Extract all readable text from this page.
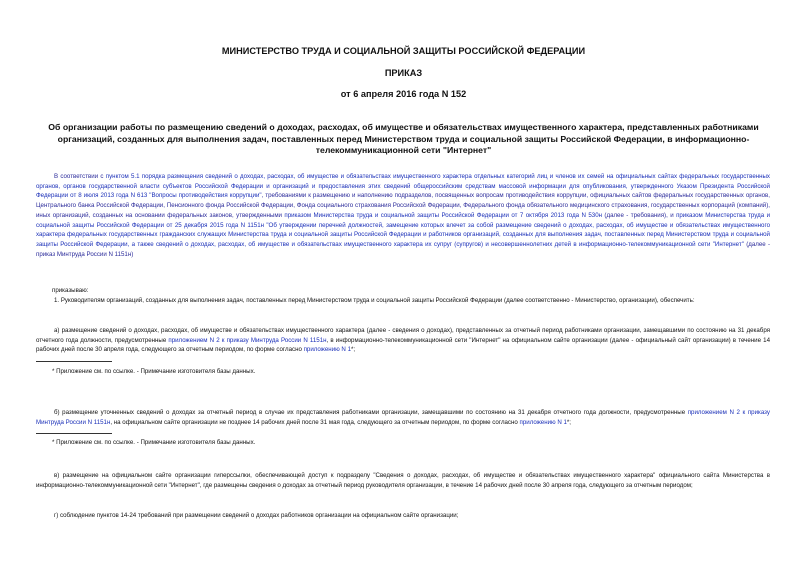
МИНИСТЕРСТВО ТРУДА И СОЦИАЛЬНОЙ ЗАЩИТЫ РОССИЙСКОЙ ФЕДЕРАЦИИ
ПРИКАЗ
от 6 апреля 2016 года N 152
Об организации работы по размещению сведений о доходах, расходах, об имуществе и обязательствах имущественного характера, представленных работниками организаций, созданных для выполнения задач, поставленных перед Министерством труда и социальной защиты Российской Федерации, в информационно-телекоммуникационной сети "Интернет"
В соответствии с пунктом 5.1 порядка размещения сведений о доходах, расходах, об имуществе и обязательствах имущественного характера отдельных категорий лиц и членов их семей на официальных сайтах федеральных государственных органов, органов государственной власти субъектов Российской Федерации и организаций и предоставления этих сведений общероссийским средствам массовой информации для опубликования, утвержденного Указом Президента Российской Федерации от 8 июля 2013 года N 613 "Вопросы противодействия коррупции", требованиями к размещению и наполнению подразделов, посвященных вопросам противодействия коррупции, официальных сайтов федеральных государственных органов, Центрального банка Российской Федерации, Пенсионного фонда Российской Федерации, Фонда социального страхования Российской Федерации, Федерального фонда обязательного медицинского страхования, государственных корпораций (компаний), иных организаций, созданных на основании федеральных законов, утвержденными приказом Министерства труда и социальной защиты Российской Федерации от 7 октября 2013 года N 530н (далее - требования), и приказом Министерства труда и социальной защиты Российской Федерации от 25 декабря 2015 года N 1151н "Об утверждении перечней должностей, замещение которых влечет за собой размещение сведений о доходах, расходах, об имуществе и обязательствах имущественного характера федеральных государственных гражданских служащих Министерства труда и социальной защиты Российской Федерации и работников организаций, созданных для выполнения задач, поставленных перед Министерством труда и социальной защиты Российской Федерации, а также сведений о доходах, расходах, об имуществе и обязательствах имущественного характера их супруг (супругов) и несовершеннолетних детей в информационно-телекоммуникационной сети "Интернет" (далее - приказ Минтруда России N 1151н)
приказываю:
1. Руководителям организаций, созданных для выполнения задач, поставленных перед Министерством труда и социальной защиты Российской Федерации (далее соответственно - Министерство, организации), обеспечить:
а) размещение сведений о доходах, расходах, об имуществе и обязательствах имущественного характера (далее - сведения о доходах), представленных за отчетный период работниками организации, замещавшими по состоянию на 31 декабря отчетного года должности, предусмотренные приложением N 2 к приказу Минтруда России N 1151н, в информационно-телекоммуникационной сети "Интернет" на официальном сайте организации (далее - официальный сайт организации) в течение 14 рабочих дней после 30 апреля года, следующего за отчетным периодом, по форме согласно приложению N 1*;
* Приложение см. по ссылке. - Примечание изготовителя базы данных.
б) размещение уточненных сведений о доходах за отчетный период в случае их представления работниками организации, замещавшими по состоянию на 31 декабря отчетного года должности, предусмотренные приложением N 2 к приказу Минтруда России N 1151н, на официальном сайте организации не позднее 14 рабочих дней после 31 мая года, следующего за отчетным периодом, по форме согласно приложению N 1*;
* Приложение см. по ссылке. - Примечание изготовителя базы данных.
в) размещение на официальном сайте организации гиперссылки, обеспечивающей доступ к подразделу "Сведения о доходах, расходах, об имуществе и обязательствах имущественного характера" официального сайта Министерства в информационно-телекоммуникационной сети "Интернет", где размещены сведения о доходах за отчетный период руководителя организации, в течение 14 рабочих дней после 30 апреля года, следующего за отчетным периодом;
г) соблюдение пунктов 14-24 требований при размещении сведений о доходах работников организации на официальном сайте организации;
